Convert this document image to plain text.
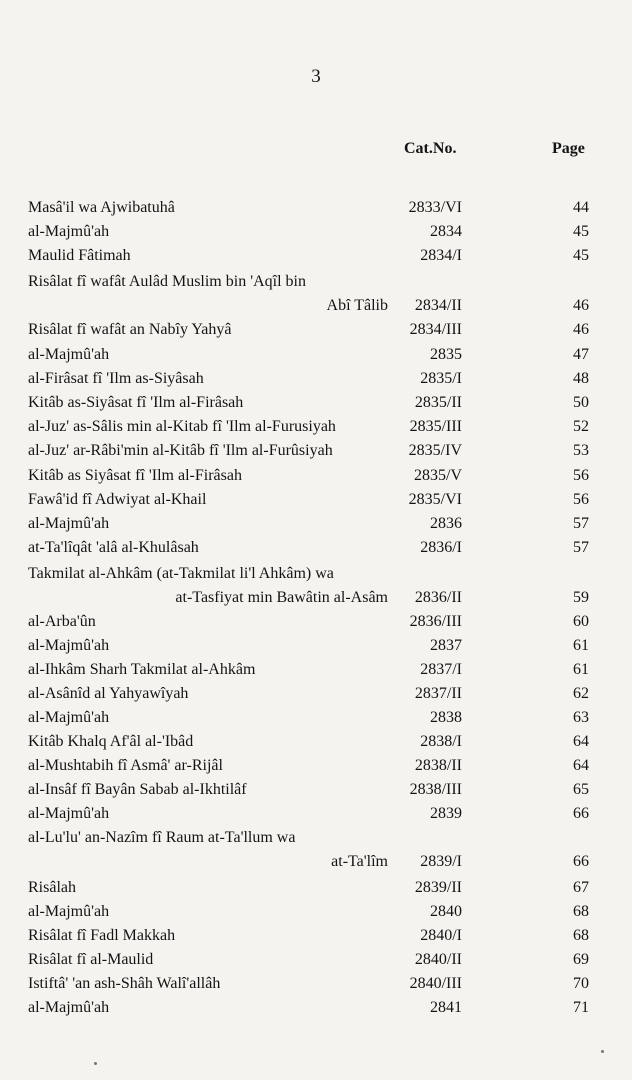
3
Cat.No.	Page
Masâ'il wa Ajwibatuhâ	2833/VI	44
al-Majmû'ah	2834	45
Maulid Fâtimah	2834/I	45
Risâlat fî wafât Aulâd Muslim bin 'Aqîl bin
Abî Tâlib 2834/II	46
Risâlat fî wafât an Nabîy Yahyâ	2834/III	46
al-Majmû'ah	2835	47
al-Firâsat fî 'Ilm as-Siyâsah	2835/I	48
Kitâb as-Siyâsat fî 'Ilm al-Firâsah	2835/II	50
al-Juz' as-Sâlis min al-Kitab fî 'Ilm al-Furusiyah	2835/III	52
al-Juz' ar-Râbi'min al-Kitâb fî 'Ilm al-Furûsiyah	2835/IV	53
Kitâb as Siyâsat fî 'Ilm al-Firâsah	2835/V	56
Fawâ'id fî Adwiyat al-Khail	2835/VI	56
al-Majmû'ah	2836	57
at-Ta'lîqât 'alâ al-Khulâsah	2836/I	57
Takmilat al-Ahkâm (at-Takmilat li'l Ahkâm) wa
at-Tasfiyat min Bawâtin al-Asâm 2836/II	59
al-Arba'ûn	2836/III	60
al-Majmû'ah	2837	61
al-Ihkâm Sharh Takmilat al-Ahkâm	2837/I	61
al-Asânîd al Yahyawîyah	2837/II	62
al-Majmû'ah	2838	63
Kitâb Khalq Af'âl al-'Ibâd	2838/I	64
al-Mushtabih fî Asmâ' ar-Rijâl	2838/II	64
al-Insâf fî Bayân Sabab al-Ikhtilâf	2838/III	65
al-Majmû'ah	2839	66
al-Lu'lu' an-Nazîm fî Raum at-Ta'llum wa
at-Ta'lîm 2839/I	66
Risâlah	2839/II	67
al-Majmû'ah	2840	68
Risâlat fî Fadl Makkah	2840/I	68
Risâlat fî al-Maulid	2840/II	69
Istiftâ' 'an ash-Shâh Walî'allâh	2840/III	70
al-Majmû'ah	2841	71
